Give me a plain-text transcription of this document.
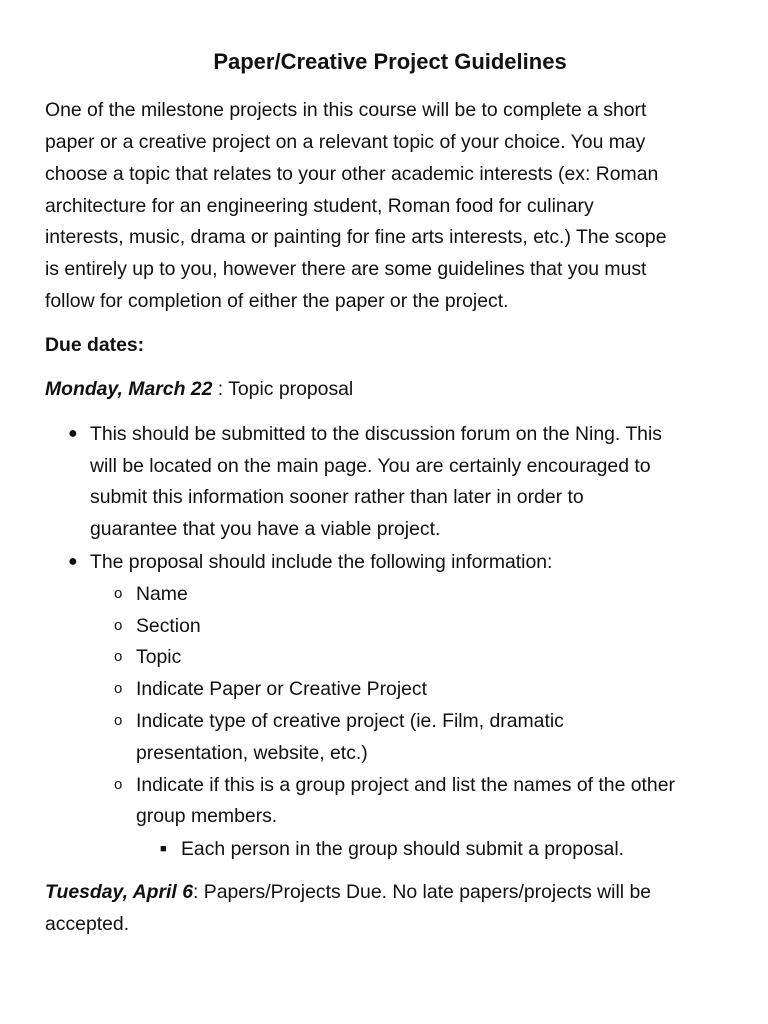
Paper/Creative Project Guidelines
One of the milestone projects in this course will be to complete a short
paper or a creative project on a relevant topic of your choice. You may
choose a topic that relates to your other academic interests (ex: Roman
architecture for an engineering student, Roman food for culinary
interests, music, drama or painting for fine arts interests, etc.) The scope
is entirely up to you, however there are some guidelines that you must
follow for completion of either the paper or the project.
Due dates:
Monday, March 22 : Topic proposal
● This should be submitted to the discussion forum on the Ning. This
will be located on the main page. You are certainly encouraged to
submit this information sooner rather than later in order to
guarantee that you have a viable project.
● The proposal should include the following information:
o Name
o Section
o Topic
o Indicate Paper or Creative Project
o Indicate type of creative project (ie. Film, dramatic
presentation, website, etc.)
o Indicate if this is a group project and list the names of the other
group members.
■ Each person in the group should submit a proposal.
Tuesday, April 6: Papers/Projects Due. No late papers/projects will be
accepted.
